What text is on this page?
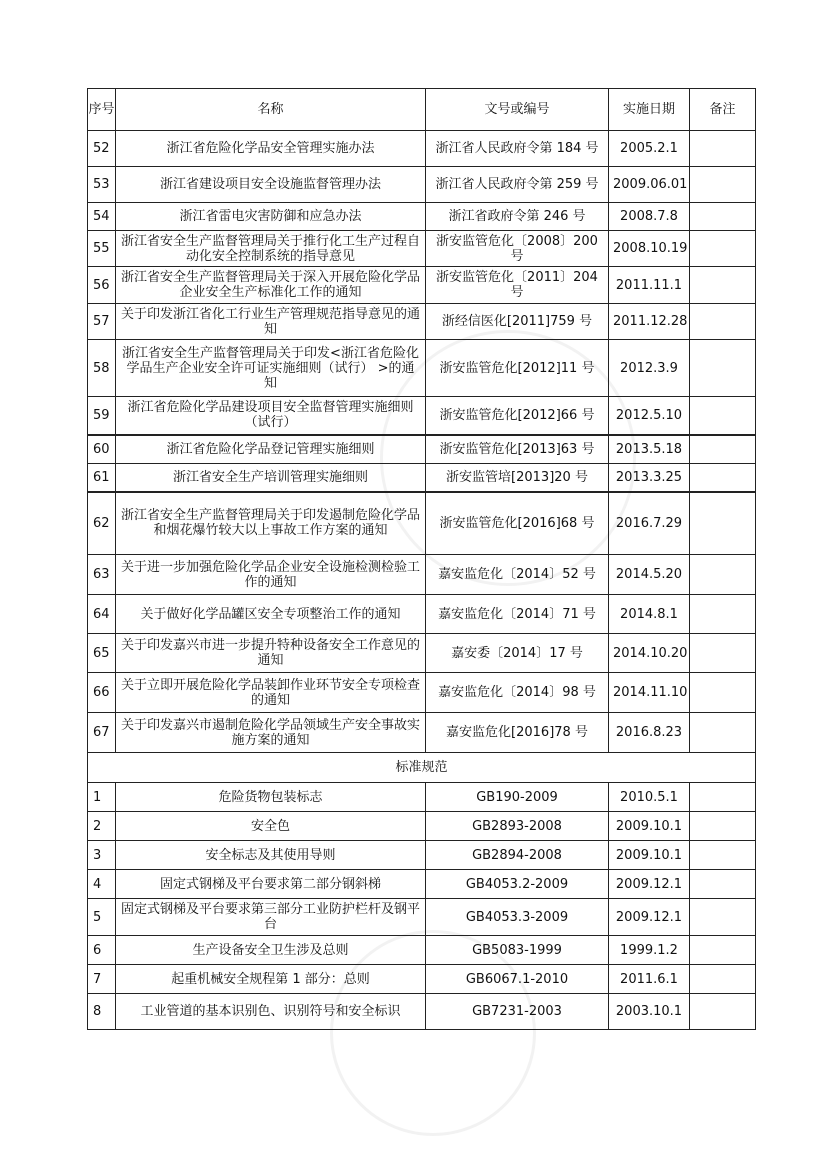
序号	名称	文号或编号	实施日期	备注
52	浙江省危险化学品安全管理实施办法	浙江省人民政府令第 184 号	2005.2.1	
53	浙江省建设项目安全设施监督管理办法	浙江省人民政府令第 259 号	2009.06.01	
54	浙江省雷电灾害防御和应急办法	浙江省政府令第 246 号	2008.7.8	
55	浙江省安全生产监督管理局关于推行化工生产过程自动化安全控制系统的指导意见	浙安监管危化〔2008〕200 号	2008.10.19	
56	浙江省安全生产监督管理局关于深入开展危险化学品企业安全生产标准化工作的通知	浙安监管危化〔2011〕204 号	2011.11.1	
57	关于印发浙江省化工行业生产管理规范指导意见的通知	浙经信医化[2011]759 号	2011.12.28	
58	浙江省安全生产监督管理局关于印发<浙江省危险化学品生产企业安全许可证实施细则（试行） >的通知	浙安监管危化[2012]11 号	2012.3.9	
59	浙江省危险化学品建设项目安全监督管理实施细则（试行）	浙安监管危化[2012]66 号	2012.5.10	
60	浙江省危险化学品登记管理实施细则	浙安监管危化[2013]63 号	2013.5.18	
61	浙江省安全生产培训管理实施细则	浙安监管培[2013]20 号	2013.3.25	
62	浙江省安全生产监督管理局关于印发遏制危险化学品和烟花爆竹较大以上事故工作方案的通知	浙安监管危化[2016]68 号	2016.7.29	
63	关于进一步加强危险化学品企业安全设施检测检验工作的通知	嘉安监危化〔2014〕52 号	2014.5.20	
64	关于做好化学品罐区安全专项整治工作的通知	嘉安监危化〔2014〕71 号	2014.8.1	
65	关于印发嘉兴市进一步提升特种设备安全工作意见的通知	嘉安委〔2014〕17 号	2014.10.20	
66	关于立即开展危险化学品装卸作业环节安全专项检查的通知	嘉安监危化〔2014〕98 号	2014.11.10	
67	关于印发嘉兴市遏制危险化学品领域生产安全事故实施方案的通知	嘉安监危化[2016]78 号	2016.8.23	
标准规范				
1	危险货物包装标志	GB190-2009	2010.5.1	
2	安全色	GB2893-2008	2009.10.1	
3	安全标志及其使用导则	GB2894-2008	2009.10.1	
4	固定式钢梯及平台要求第二部分钢斜梯	GB4053.2-2009	2009.12.1	
5	固定式钢梯及平台要求第三部分工业防护栏杆及钢平台	GB4053.3-2009	2009.12.1	
6	生产设备安全卫生涉及总则	GB5083-1999	1999.1.2	
7	起重机械安全规程第 1 部分：总则	GB6067.1-2010	2011.6.1	
8	工业管道的基本识别色、识别符号和安全标识	GB7231-2003	2003.10.1	
